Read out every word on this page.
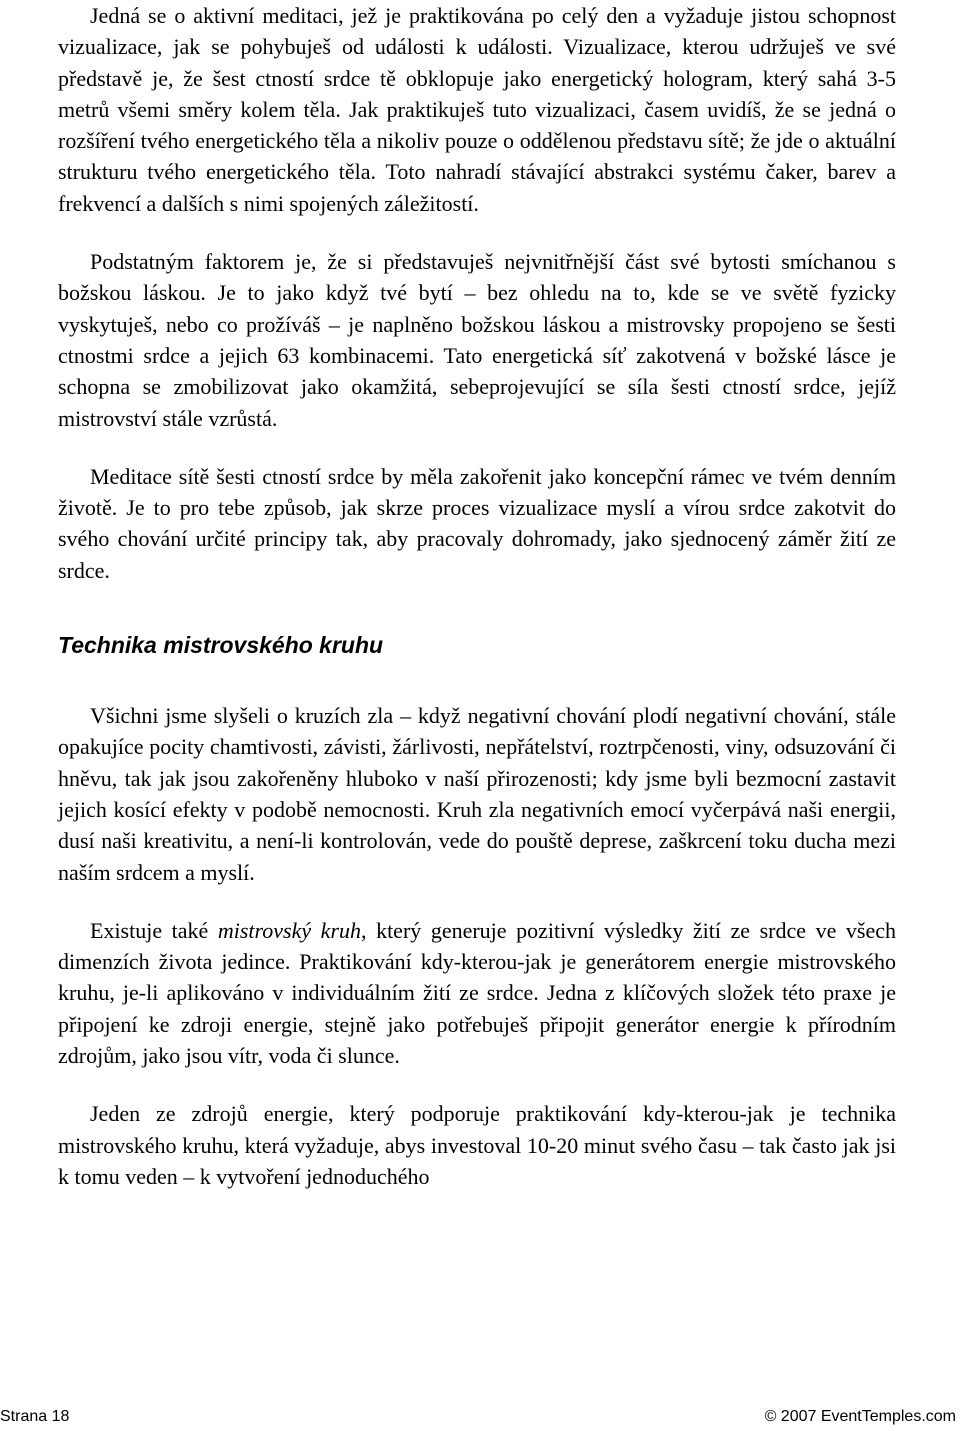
Jedná se o aktivní meditaci, jež je praktikována po celý den a vyžaduje jistou schopnost vizualizace, jak se pohybuješ od události k události. Vizualizace, kterou udržuješ ve své představě je, že šest ctností srdce tě obklopuje jako energetický hologram, který sahá 3-5 metrů všemi směry kolem těla. Jak praktikuješ tuto vizualizaci, časem uvidíš, že se jedná o rozšíření tvého energetického těla a nikoliv pouze o oddělenou představu sítě; že jde o aktuální strukturu tvého energetického těla. Toto nahradí stávající abstrakci systému čaker, barev a frekvencí a dalších s nimi spojených záležitostí.

Podstatným faktorem je, že si představuješ nejvnitřnější část své bytosti smíchanou s božskou láskou. Je to jako když tvé bytí – bez ohledu na to, kde se ve světě fyzicky vyskytuješ, nebo co prožíváš – je naplněno božskou láskou a mistrovsky propojeno se šesti ctnostmi srdce a jejich 63 kombinacemi. Tato energetická síť zakotvená v božské lásce je schopna se zmobilizovat jako okamžitá, sebeprojevující se síla šesti ctností srdce, jejíž mistrovství stále vzrůstá.

Meditace sítě šesti ctností srdce by měla zakořenit jako koncepční rámec ve tvém denním životě. Je to pro tebe způsob, jak skrze proces vizualizace myslí a vírou srdce zakotvit do svého chování určité principy tak, aby pracovaly dohromady, jako sjednocený záměr žití ze srdce.

Technika mistrovského kruhu

Všichni jsme slyšeli o kruzích zla – když negativní chování plodí negativní chování, stále opakujíce pocity chamtivosti, závisti, žárlivosti, nepřátelství, roztrpčenosti, viny, odsuzování či hněvu, tak jak jsou zakořeněny hluboko v naší přirozenosti; kdy jsme byli bezmocní zastavit jejich kosící efekty v podobě nemocnosti. Kruh zla negativních emocí vyčerpává naši energii, dusí naši kreativitu, a není-li kontrolován, vede do pouště deprese, zaškrcení toku ducha mezi naším srdcem a myslí.

Existuje také mistrovský kruh, který generuje pozitivní výsledky žití ze srdce ve všech dimenzích života jedince. Praktikování kdy-kterou-jak je generátorem energie mistrovského kruhu, je-li aplikováno v individuálním žití ze srdce. Jedna z klíčových složek této praxe je připojení ke zdroji energie, stejně jako potřebuješ připojit generátor energie k přírodním zdrojům, jako jsou vítr, voda či slunce.

Jeden ze zdrojů energie, který podporuje praktikování kdy-kterou-jak je technika mistrovského kruhu, která vyžaduje, abys investoval 10-20 minut svého času – tak často jak jsi k tomu veden – k vytvoření jednoduchého

Strana 18	© 2007 EventTemples.com
